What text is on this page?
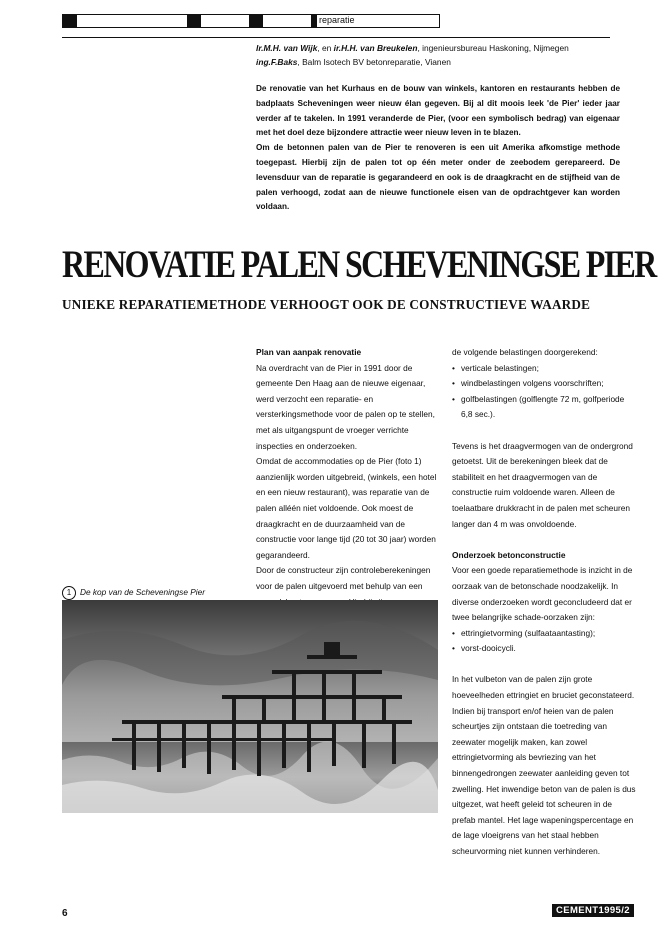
reparatie
Ir.M.H. van Wijk, en ir.H.H. van Breukelen, ingenieursbureau Haskoning, Nijmegen
ing.F.Baks, Balm Isotech BV betonreparatie, Vianen

De renovatie van het Kurhaus en de bouw van winkels, kantoren en restaurants hebben de badplaats Scheveningen weer nieuw élan gegeven. Bij al dit moois leek 'de Pier' ieder jaar verder af te takelen. In 1991 veranderde de Pier, (voor een symbolisch bedrag) van eigenaar met het doel deze bijzondere attractie weer nieuw leven in te blazen.

Om de betonnen palen van de Pier te renoveren is een uit Amerika afkomstige methode toegepast. Hierbij zijn de palen tot op één meter onder de zeebodem gerepareerd. De levensduur van de reparatie is gegarandeerd en ook is de draagkracht en de stijfheid van de palen verhoogd, zodat aan de nieuwe functionele eisen van de opdrachtgever kan worden voldaan.

RENOVATIE PALEN SCHEVENINGSE PIER
UNIEKE REPARATIEMETHODE VERHOOGT OOK DE CONSTRUCTIEVE WAARDE
Plan van aanpak renovatie

Na overdracht van de Pier in 1991 door de gemeente Den Haag aan de nieuwe eigenaar, werd verzocht een reparatie- en versterkingsmethode voor de palen op te stellen, met als uitgangspunt de vroeger verrichte inspecties en onderzoeken.

Omdat de accommodaties op de Pier (foto 1) aanzienlijk worden uitgebreid, (winkels, een hotel en een nieuw restaurant), was reparatie van de palen alléén niet voldoende. Ook moest de draagkracht en de duurzaamheid van de constructie voor lange tijd (20 tot 30 jaar) worden gegarandeerd.

Door de constructeur zijn controleberekeningen voor de palen uitgevoerd met behulp van een

de volgende belastingen doorgerekend:

• verticale belastingen;
• windbelastingen volgens voorschriften;
• golfbelastingen (golflengte 72 m, golfperiode 6,8 sec.).

Tevens is het draagvermogen van de ondergrond getoetst. Uit de berekeningen bleek dat de stabiliteit en het draagvermogen van de constructie ruim voldoende waren. Alleen de toelaatbare drukkracht in de palen met scheuren langer dan 4 m was onvoldoende.

Onderzoek betonconstructie

Voor een goede reparatiemethode is inzicht in de oorzaak van de betonschade noodzakelijk. In diverse onderzoeken wordt geconcludeerd dat er twee belangrijke schade-oorzaken zijn:

• ettringietvorming (sulfaataantasting);
• vorst-dooicycli.

In het vulbeton van de palen zijn grote hoeveelheden ettringiet en bruciet geconstateerd. Indien bij transport en/of heien van de palen scheurtjes zijn ontstaan die toetreding van zeewater mogelijk maken, kan zowel ettringietvorming als bevriezing van het binnengedrongen zeewater aanleiding geven tot zwelling. Het inwendige beton van de palen is dus uitgezet, wat heeft geleid tot scheuren in de prefab mantel. Het lage wapeningspercentage en de lage vloeigrens van het staal hebben scheurvorming niet kunnen verhinderen.

1 De kop van de Scheveningse Pier
6	CEMENT1995/2
